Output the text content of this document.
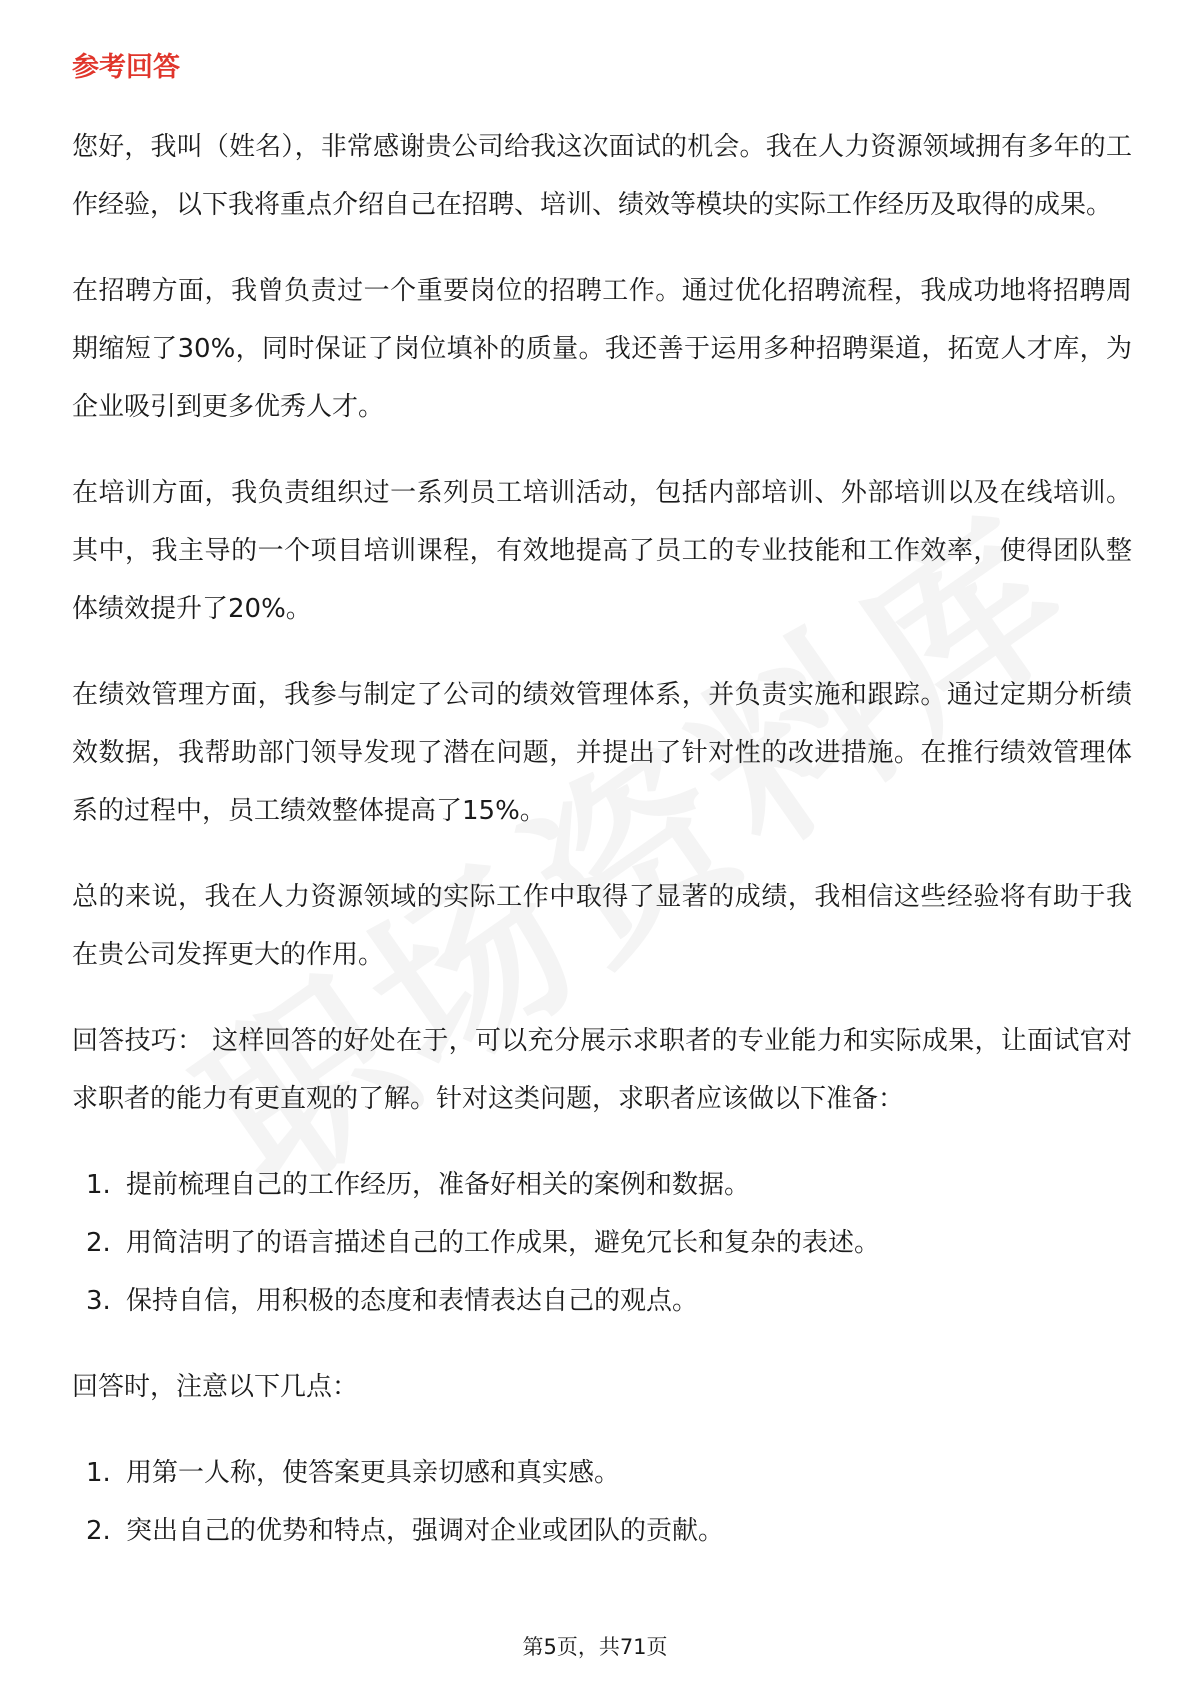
参考回答

您好，我叫（姓名），非常感谢贵公司给我这次面试的机会。我在人力资源领域拥有多年的工作经验，以下我将重点介绍自己在招聘、培训、绩效等模块的实际工作经历及取得的成果。

在招聘方面，我曾负责过一个重要岗位的招聘工作。通过优化招聘流程，我成功地将招聘周期缩短了30%，同时保证了岗位填补的质量。我还善于运用多种招聘渠道，拓宽人才库，为企业吸引到更多优秀人才。

在培训方面，我负责组织过一系列员工培训活动，包括内部培训、外部培训以及在线培训。其中，我主导的一个项目培训课程，有效地提高了员工的专业技能和工作效率，使得团队整体绩效提升了20%。

在绩效管理方面，我参与制定了公司的绩效管理体系，并负责实施和跟踪。通过定期分析绩效数据，我帮助部门领导发现了潜在问题，并提出了针对性的改进措施。在推行绩效管理体系的过程中，员工绩效整体提高了15%。

总的来说，我在人力资源领域的实际工作中取得了显著的成绩，我相信这些经验将有助于我在贵公司发挥更大的作用。

回答技巧： 这样回答的好处在于，可以充分展示求职者的专业能力和实际成果，让面试官对求职者的能力有更直观的了解。针对这类问题，求职者应该做以下准备：

1. 提前梳理自己的工作经历，准备好相关的案例和数据。
2. 用简洁明了的语言描述自己的工作成果，避免冗长和复杂的表述。
3. 保持自信，用积极的态度和表情表达自己的观点。

回答时，注意以下几点：

1. 用第一人称，使答案更具亲切感和真实感。
2. 突出自己的优势和特点，强调对企业或团队的贡献。
第5页，共71页
